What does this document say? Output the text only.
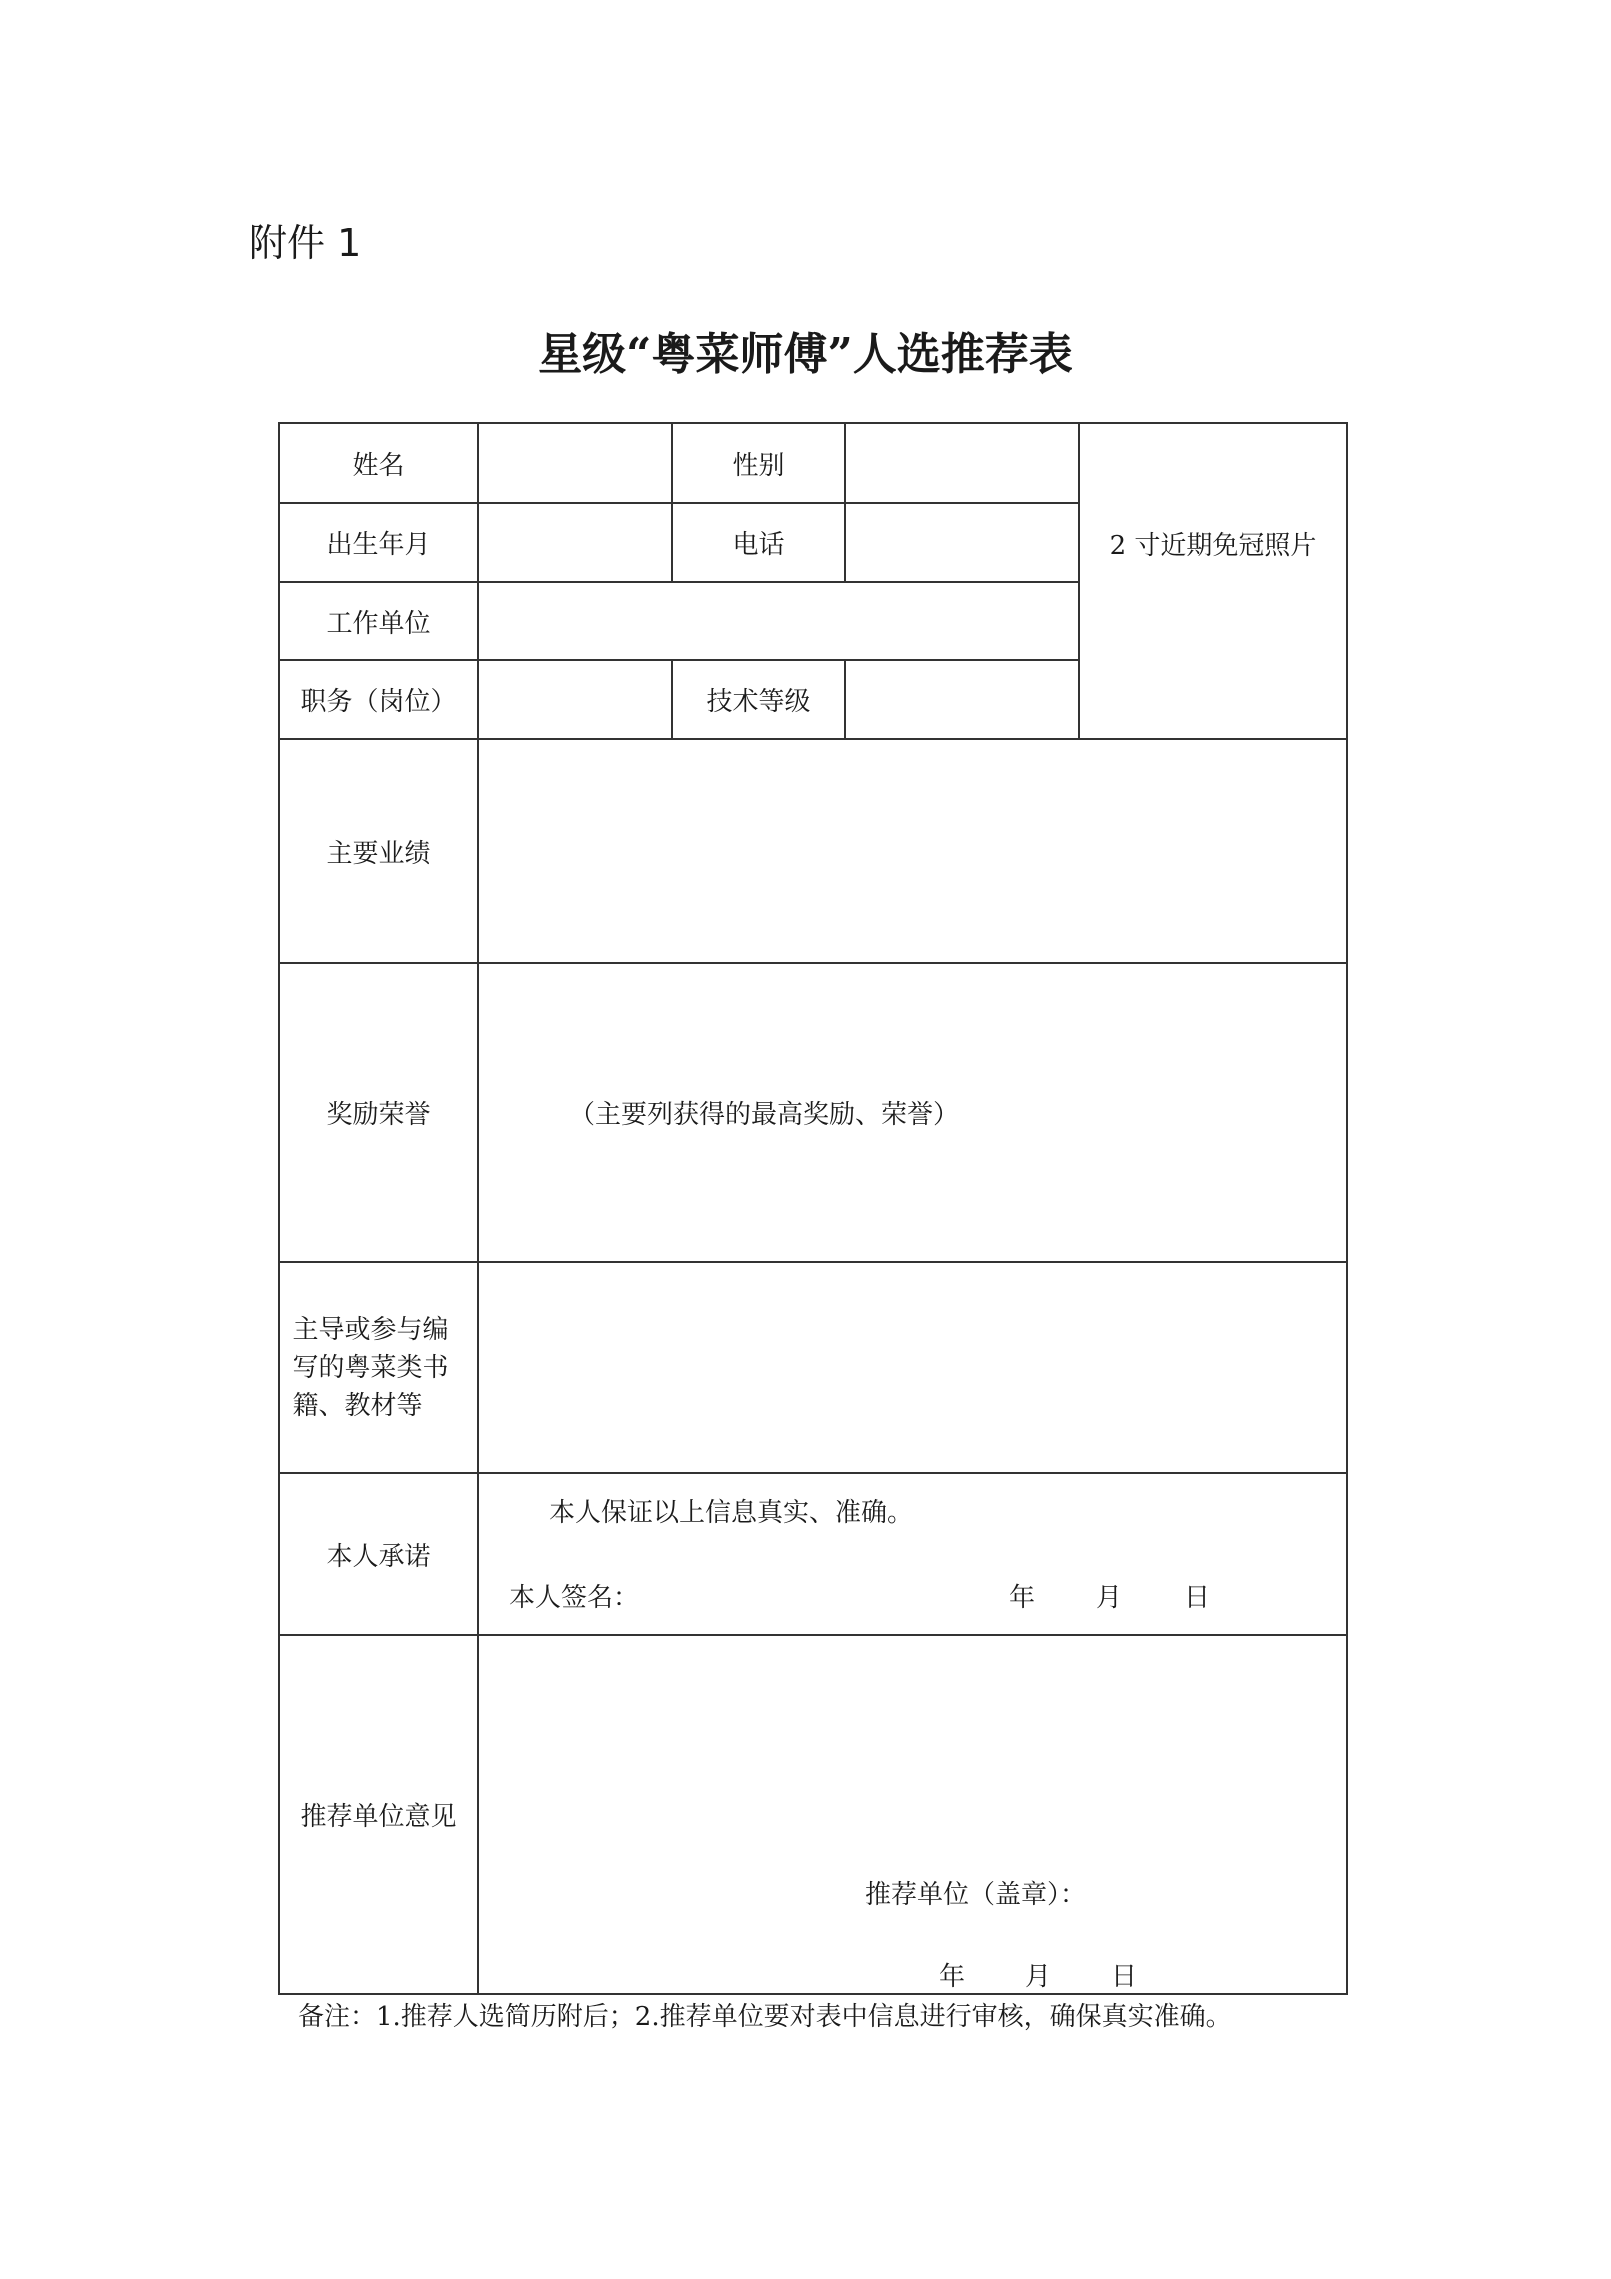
附件 1
星级“粤菜师傅”人选推荐表
姓名		性别		2 寸近期免冠照片
出生年月		电话		
工作单位				
职务（岗位）		技术等级		
主要业绩				
奖励荣誉	（主要列获得的最高奖励、荣誉）			

主导或参与编写的粤菜类书籍、教材等				

本人承诺	本人保证以上信息真实、准确。
本人签名： 年 月 日			

推荐单位意见	推荐单位（盖章）：
年 月 日			
备注：1.推荐人选简历附后；2.推荐单位要对表中信息进行审核，确保真实准确。
